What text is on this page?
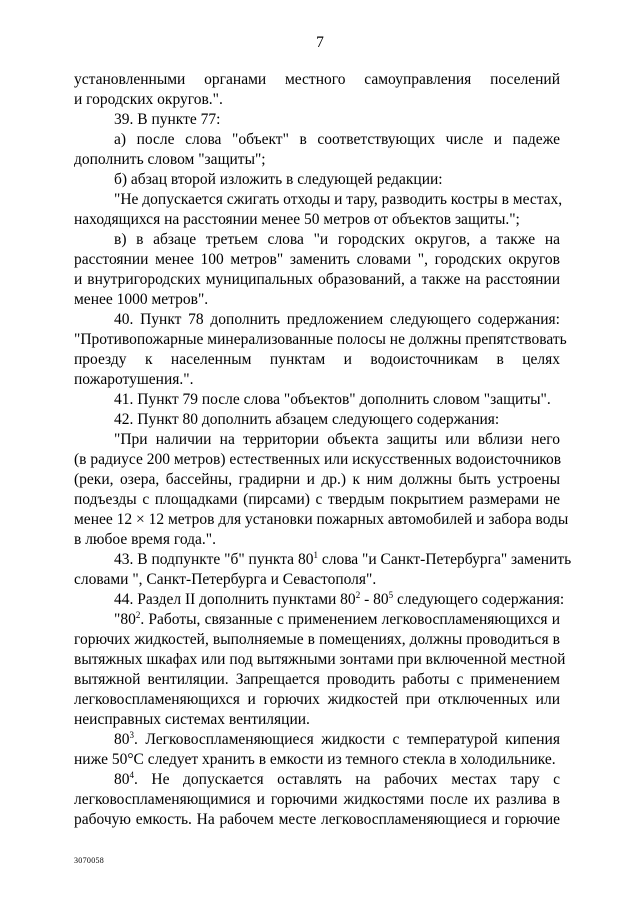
7
установленными органами местного самоуправления поселений
и городских округов.".
39. В пункте 77:
а) после слова "объект" в соответствующих числе и падеже
дополнить словом "защиты";
б) абзац второй изложить в следующей редакции:
"Не допускается сжигать отходы и тару, разводить костры в местах,
находящихся на расстоянии менее 50 метров от объектов защиты.";
в) в абзаце третьем слова "и городских округов, а также на
расстоянии менее 100 метров" заменить словами ", городских округов
и внутригородских муниципальных образований, а также на расстоянии
менее 1000 метров".
40. Пункт 78 дополнить предложением следующего содержания:
"Противопожарные минерализованные полосы не должны препятствовать
проезду к населенным пунктам и водоисточникам в целях
пожаротушения.".
41. Пункт 79 после слова "объектов" дополнить словом "защиты".
42. Пункт 80 дополнить абзацем следующего содержания:
"При наличии на территории объекта защиты или вблизи него
(в радиусе 200 метров) естественных или искусственных водоисточников
(реки, озера, бассейны, градирни и др.) к ним должны быть устроены
подъезды с площадками (пирсами) с твердым покрытием размерами не
менее 12 × 12 метров для установки пожарных автомобилей и забора воды
в любое время года.".
43. В подпункте "б" пункта $80^1$ слова "и Санкт-Петербурга" заменить
словами ", Санкт-Петербурга и Севастополя".
44. Раздел II дополнить пунктами $80^2 - 80^5$ следующего содержания:
"$80^2$. Работы, связанные с применением легковоспламеняющихся и
горючих жидкостей, выполняемые в помещениях, должны проводиться в
вытяжных шкафах или под вытяжными зонтами при включенной местной
вытяжной вентиляции. Запрещается проводить работы с применением
легковоспламеняющихся и горючих жидкостей при отключенных или
неисправных системах вентиляции.
$80^3$. Легковоспламеняющиеся жидкости с температурой кипения
ниже 50°C следует хранить в емкости из темного стекла в холодильнике.
$80^4$. Не допускается оставлять на рабочих местах тару с
легковоспламеняющимися и горючими жидкостями после их разлива в
рабочую емкость. На рабочем месте легковоспламеняющиеся и горючие
3070058
